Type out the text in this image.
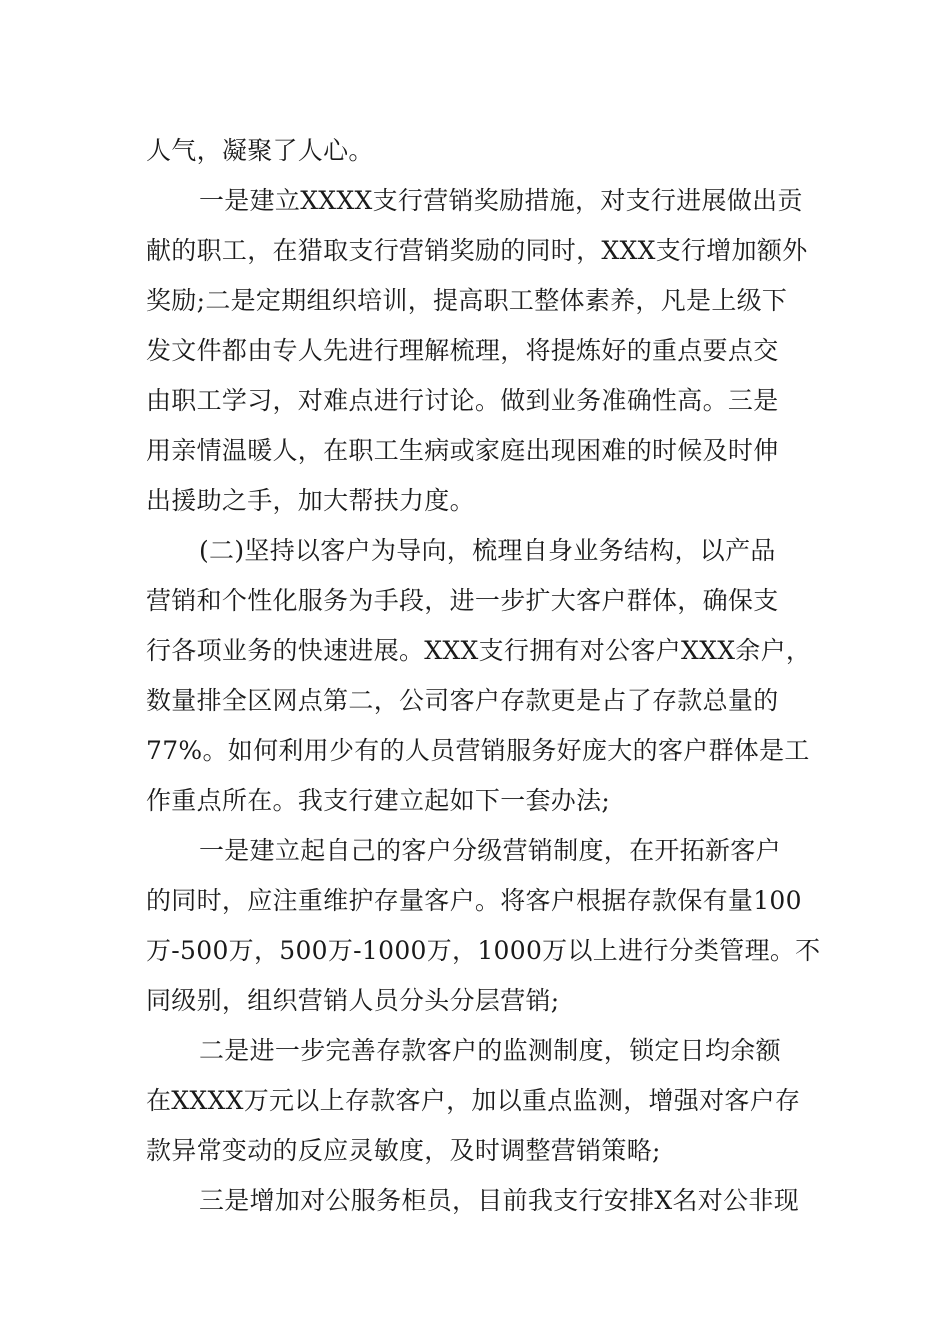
人气，凝聚了人心。
一是建立XXXX支行营销奖励措施，对支行进展做出贡
献的职工，在猎取支行营销奖励的同时，XXX支行增加额外
奖励;二是定期组织培训，提高职工整体素养，凡是上级下
发文件都由专人先进行理解梳理，将提炼好的重点要点交
由职工学习，对难点进行讨论。做到业务准确性高。三是
用亲情温暖人，在职工生病或家庭出现困难的时候及时伸
出援助之手，加大帮扶力度。
(二)坚持以客户为导向，梳理自身业务结构，以产品
营销和个性化服务为手段，进一步扩大客户群体，确保支
行各项业务的快速进展。XXX支行拥有对公客户XXX余户，
数量排全区网点第二，公司客户存款更是占了存款总量的
77%。如何利用少有的人员营销服务好庞大的客户群体是工
作重点所在。我支行建立起如下一套办法;
一是建立起自己的客户分级营销制度，在开拓新客户
的同时，应注重维护存量客户。将客户根据存款保有量100
万-500万，500万-1000万，1000万以上进行分类管理。不
同级别，组织营销人员分头分层营销;
二是进一步完善存款客户的监测制度，锁定日均余额
在XXXX万元以上存款客户，加以重点监测，增强对客户存
款异常变动的反应灵敏度，及时调整营销策略;
三是增加对公服务柜员，目前我支行安排X名对公非现
